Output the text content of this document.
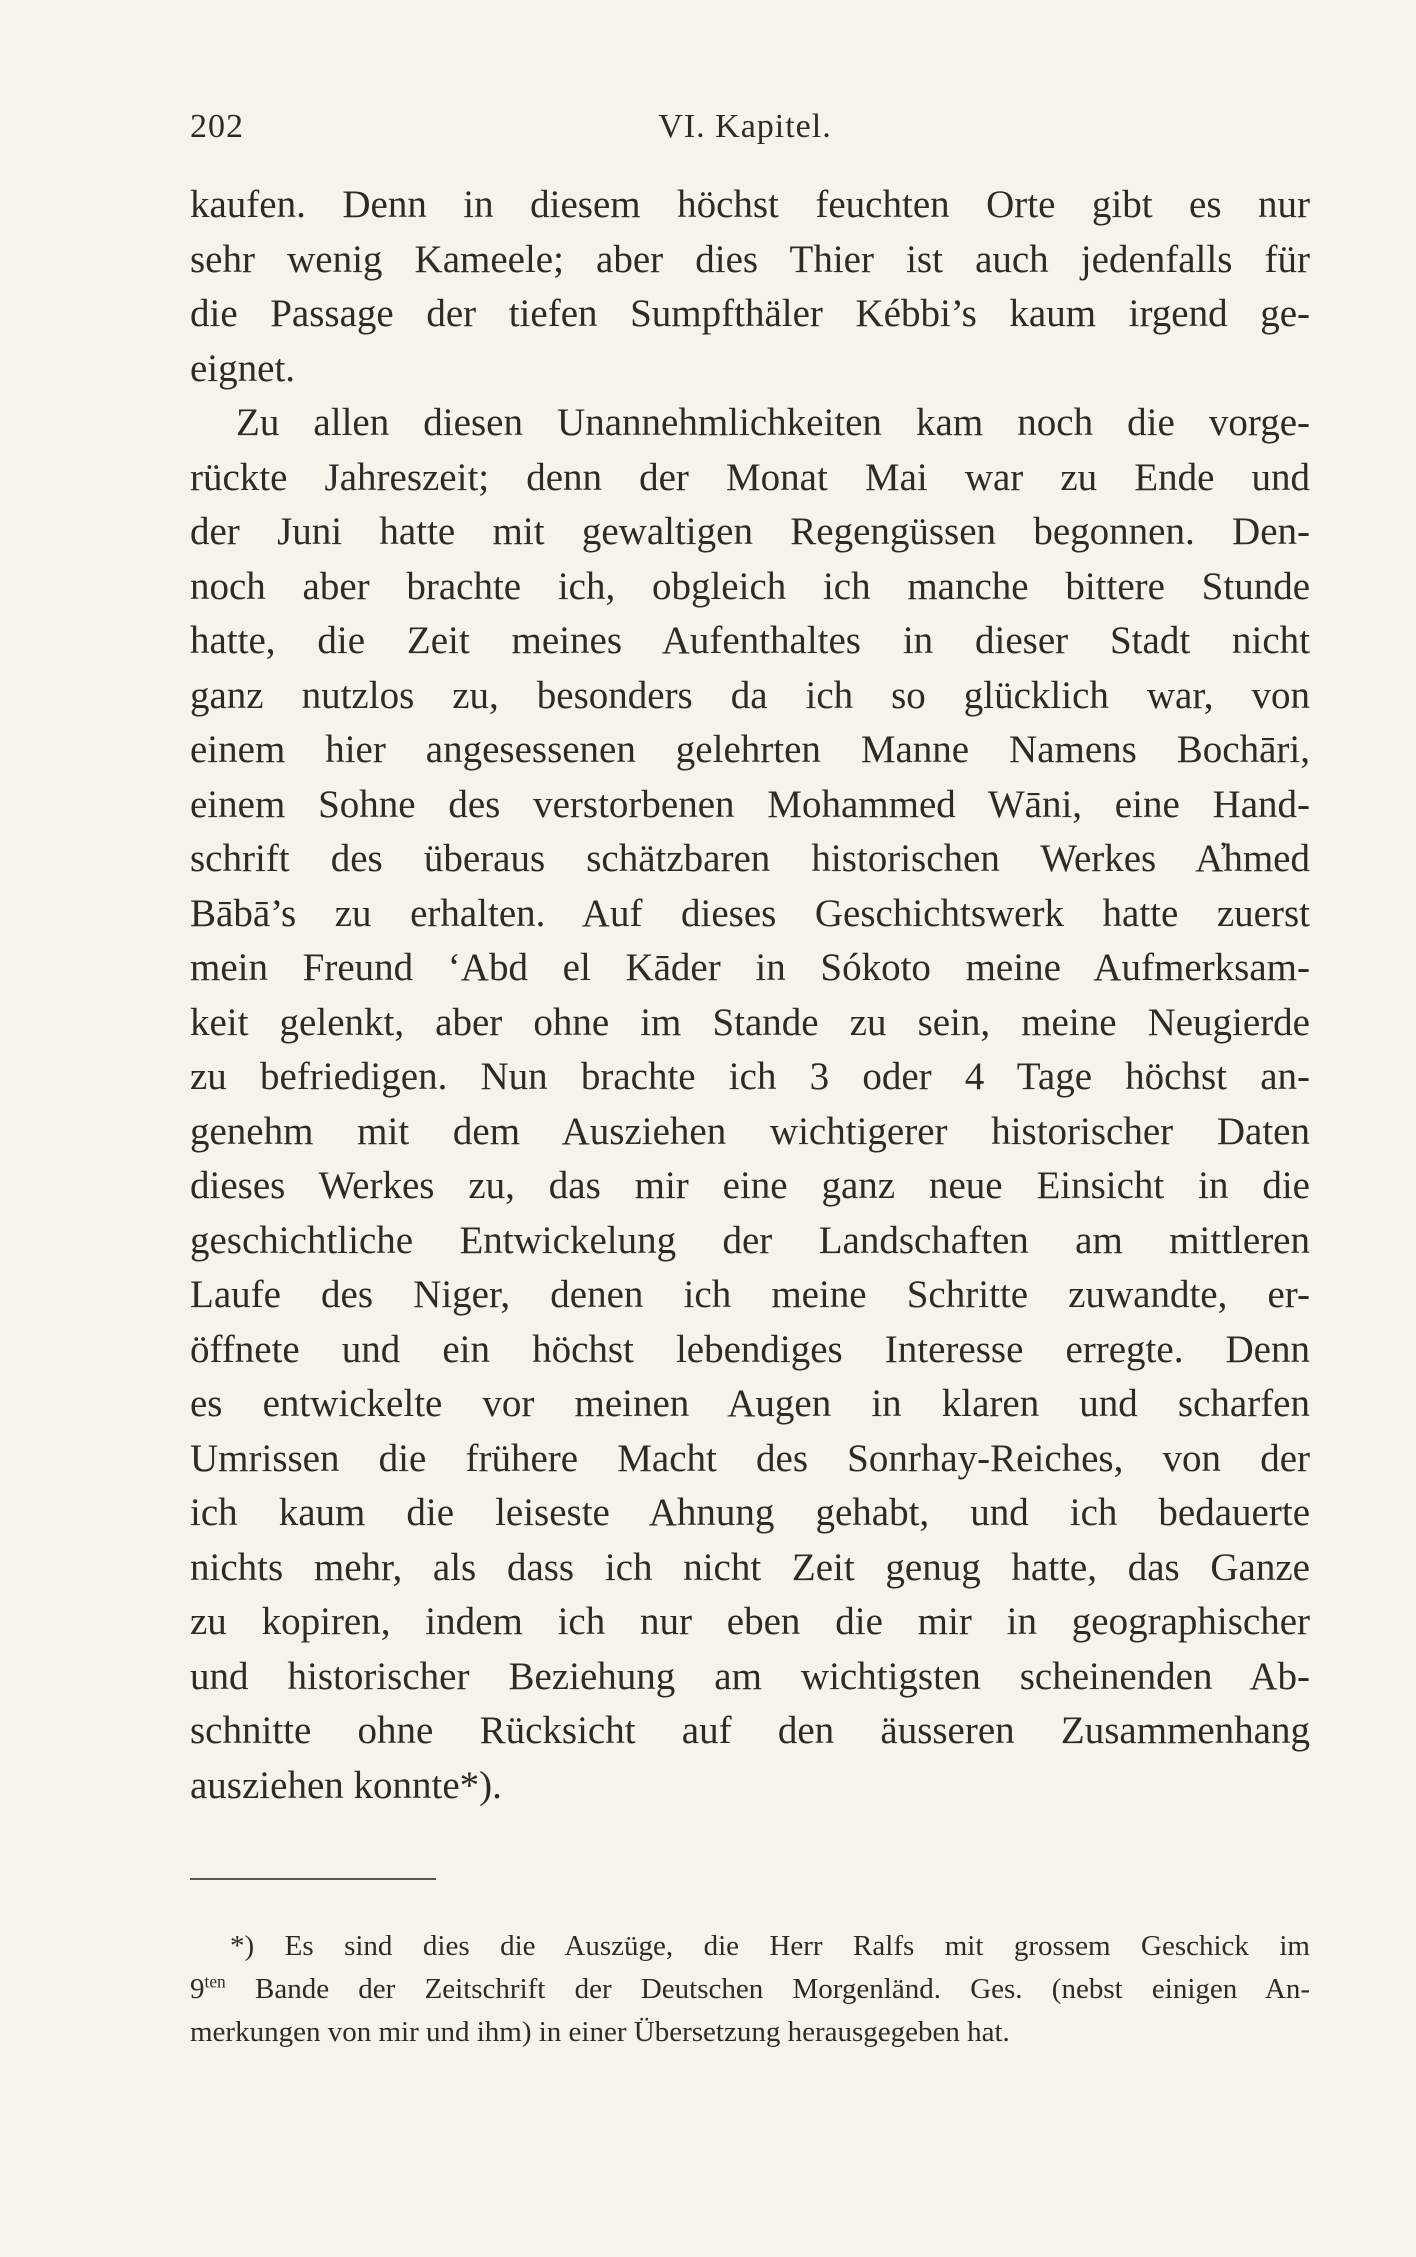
202	VI. Kapitel.
kaufen. Denn in diesem höchst feuchten Orte gibt es nur
sehr wenig Kameele; aber dies Thier ist auch jedenfalls für
die Passage der tiefen Sumpfthäler Kébbi’s kaum irgend ge-
eignet.
Zu allen diesen Unannehmlichkeiten kam noch die vorge-
rückte Jahreszeit; denn der Monat Mai war zu Ende und
der Juni hatte mit gewaltigen Regengüssen begonnen. Den-
noch aber brachte ich, obgleich ich manche bittere Stunde
hatte, die Zeit meines Aufenthaltes in dieser Stadt nicht
ganz nutzlos zu, besonders da ich so glücklich war, von
einem hier angesessenen gelehrten Manne Namens Bochāri,
einem Sohne des verstorbenen Mohammed Wāni, eine Hand-
schrift des überaus schätzbaren historischen Werkes A̓hmed
Bābā’s zu erhalten. Auf dieses Geschichtswerk hatte zuerst
mein Freund ‘Abd el Kāder in Sókoto meine Aufmerksam-
keit gelenkt, aber ohne im Stande zu sein, meine Neugierde
zu befriedigen. Nun brachte ich 3 oder 4 Tage höchst an-
genehm mit dem Ausziehen wichtigerer historischer Daten
dieses Werkes zu, das mir eine ganz neue Einsicht in die
geschichtliche Entwickelung der Landschaften am mittleren
Laufe des Niger, denen ich meine Schritte zuwandte, er-
öffnete und ein höchst lebendiges Interesse erregte. Denn
es entwickelte vor meinen Augen in klaren und scharfen
Umrissen die frühere Macht des Sonrhay-Reiches, von der
ich kaum die leiseste Ahnung gehabt, und ich bedauerte
nichts mehr, als dass ich nicht Zeit genug hatte, das Ganze
zu kopiren, indem ich nur eben die mir in geographischer
und historischer Beziehung am wichtigsten scheinenden Ab-
schnitte ohne Rücksicht auf den äusseren Zusammenhang
ausziehen konnte*).
*) Es sind dies die Auszüge, die Herr Ralfs mit grossem Geschick im
$9^{ten}$ Bande der Zeitschrift der Deutschen Morgenländ. Ges. (nebst einigen An-
merkungen von mir und ihm) in einer Übersetzung herausgegeben hat.
